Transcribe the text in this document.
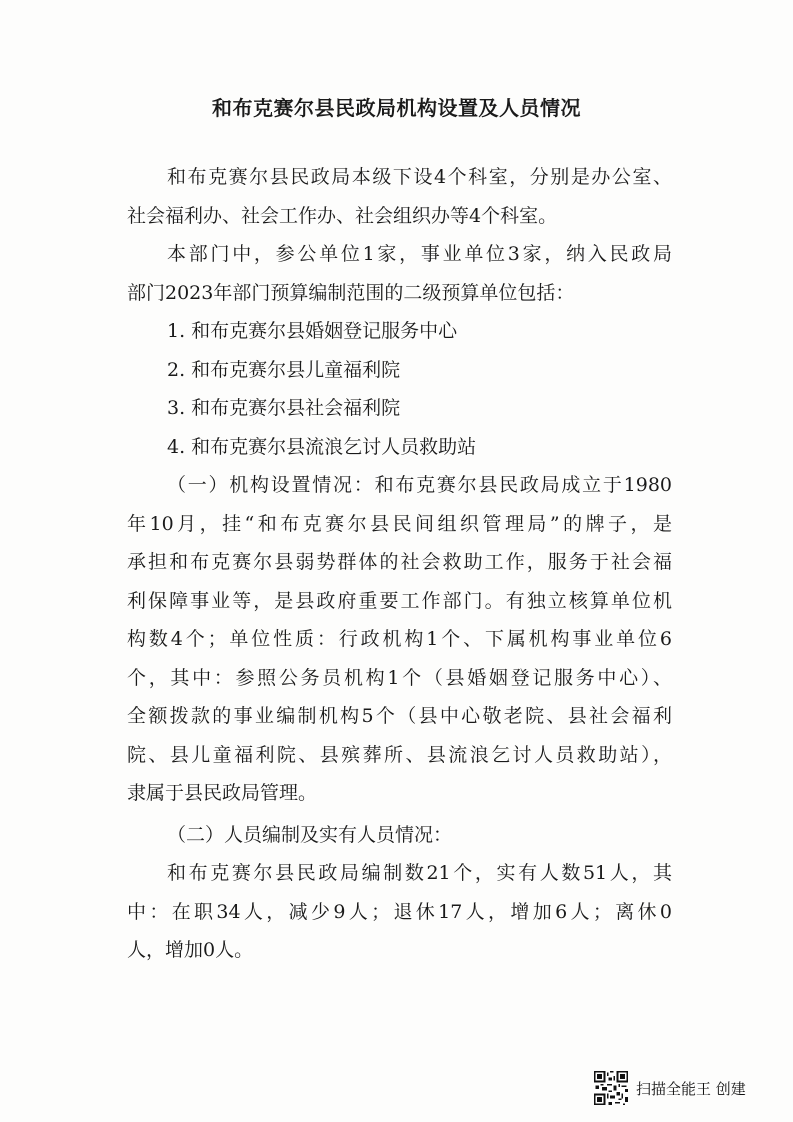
和布克赛尔县民政局机构设置及人员情况
和布克赛尔县民政局本级下设4个科室，分别是办公室、
社会福利办、社会工作办、社会组织办等4个科室。
本部门中，参公单位1家，事业单位3家，纳入民政局
部门2023年部门预算编制范围的二级预算单位包括：
1. 和布克赛尔县婚姻登记服务中心
2. 和布克赛尔县儿童福利院
3. 和布克赛尔县社会福利院
4. 和布克赛尔县流浪乞讨人员救助站
（一）机构设置情况：和布克赛尔县民政局成立于1980
年10月，挂“和布克赛尔县民间组织管理局”的牌子，是
承担和布克赛尔县弱势群体的社会救助工作，服务于社会福
利保障事业等，是县政府重要工作部门。有独立核算单位机
构数4个；单位性质：行政机构1个、下属机构事业单位6
个，其中：参照公务员机构1个（县婚姻登记服务中心）、
全额拨款的事业编制机构5个（县中心敬老院、县社会福利
院、县儿童福利院、县殡葬所、县流浪乞讨人员救助站），
隶属于县民政局管理。
（二）人员编制及实有人员情况：
和布克赛尔县民政局编制数21个，实有人数51人，其
中：在职34人，减少9人；退休17人，增加6人；离休0
人，增加0人。
扫描全能王 创建
